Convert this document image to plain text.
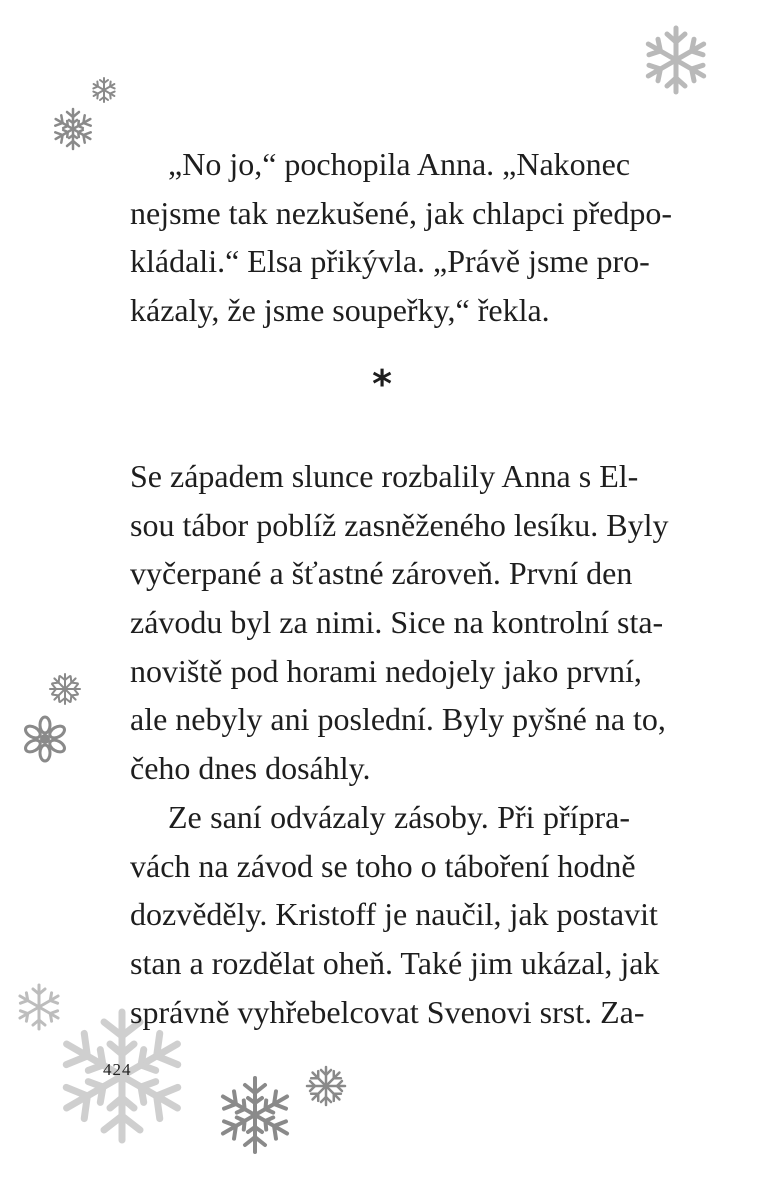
„No jo,“ pochopila Anna. „Nakonec
nejsme tak nezkušené, jak chlapci předpo-
kládali.“ Elsa přikývla. „Právě jsme pro-
kázaly, že jsme soupeřky,“ řekla.
*
Se západem slunce rozbalily Anna s El-
sou tábor poblíž zasněženého lesíku. Byly
vyčerpané a šťastné zároveň. První den
závodu byl za nimi. Sice na kontrolní sta-
noviště pod horami nedojely jako první,
ale nebyly ani poslední. Byly pyšné na to,
čeho dnes dosáhly.
Ze saní odvázaly zásoby. Při přípra-
vách na závod se toho o táboření hodně
dozvěděly. Kristoff je naučil, jak postavit
stan a rozdělat oheň. Také jim ukázal, jak
správně vyhřebelcovat Svenovi srst. Za-
424
